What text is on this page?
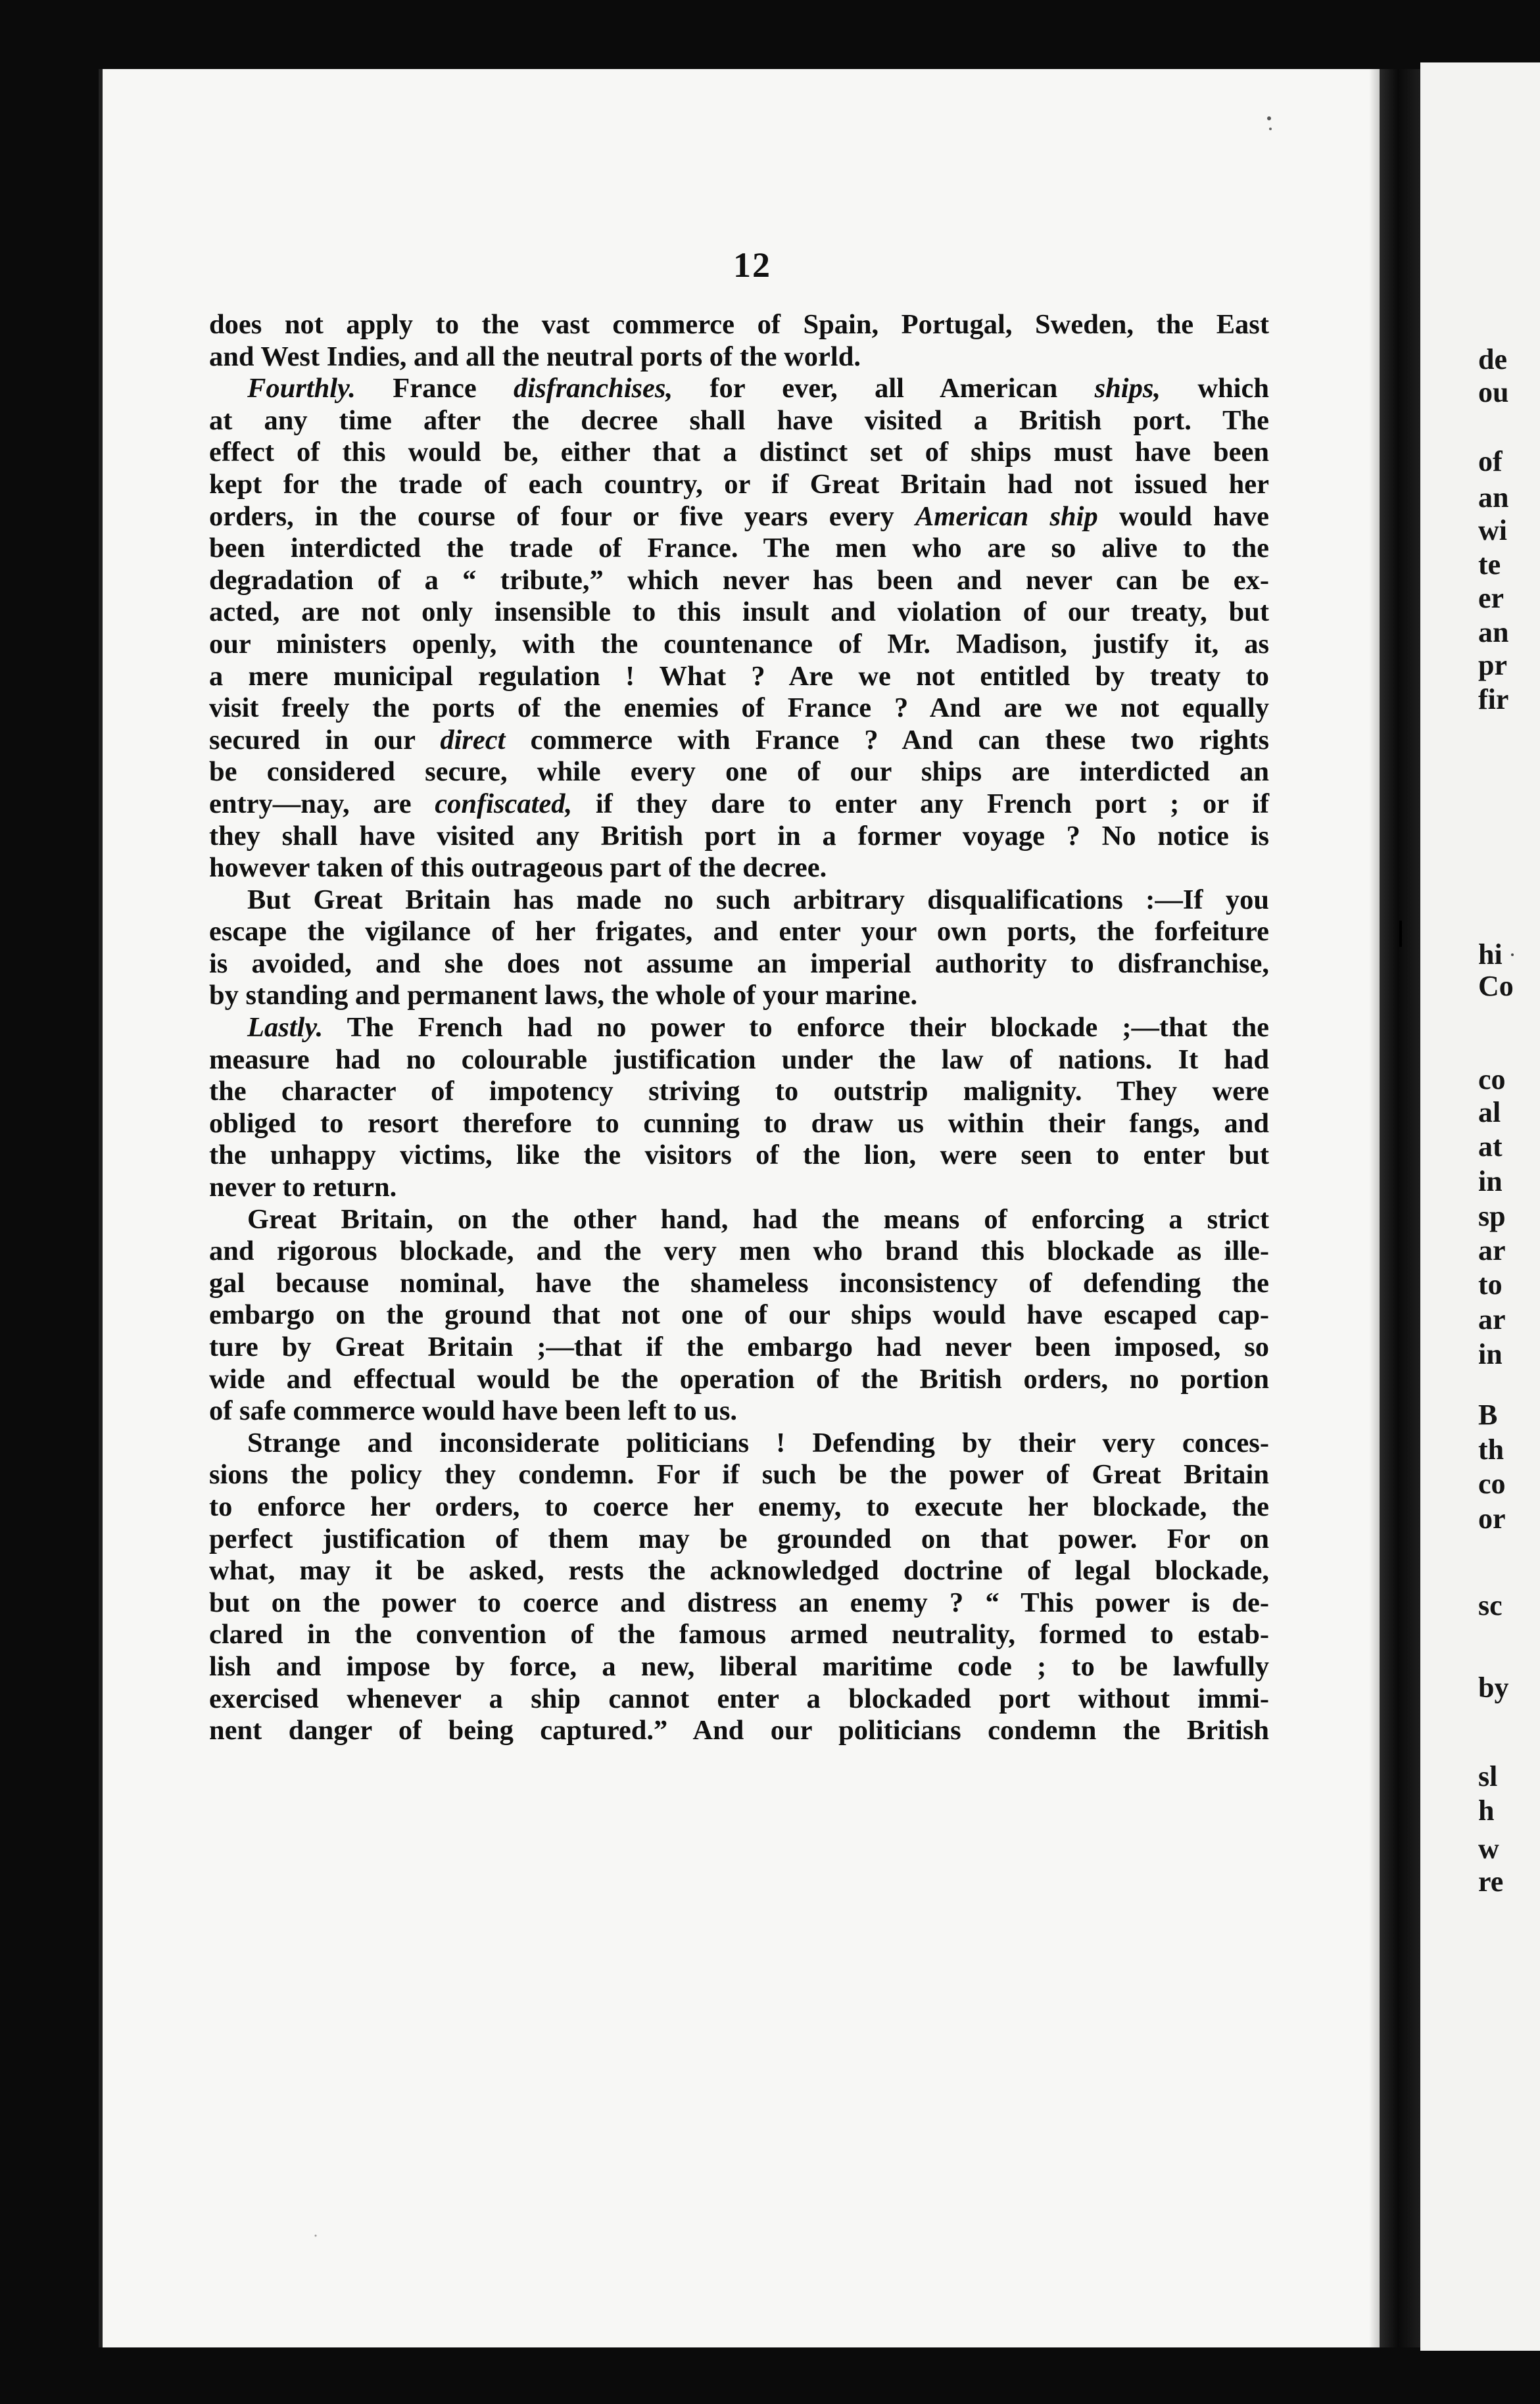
de
ou
of
an
wi
te
er
an
pr
fir
hi
Co
co
al
at
in
sp
ar
to
ar
in
B
th
co
or
sc
by
sl
h
w
re
12
does not apply to the vast commerce of Spain, Portugal, Sweden, the East
and West Indies, and all the neutral ports of the world.
Fourthly. France disfranchises, for ever, all American ships, which
at any time after the decree shall have visited a British port. The
effect of this would be, either that a distinct set of ships must have been
kept for the trade of each country, or if Great Britain had not issued her
orders, in the course of four or five years every American ship would have
been interdicted the trade of France. The men who are so alive to the
degradation of a “ tribute,” which never has been and never can be ex-
acted, are not only insensible to this insult and violation of our treaty, but
our ministers openly, with the countenance of Mr. Madison, justify it, as
a mere municipal regulation ! What ? Are we not entitled by treaty to
visit freely the ports of the enemies of France ? And are we not equally
secured in our direct commerce with France ? And can these two rights
be considered secure, while every one of our ships are interdicted an
entry—nay, are confiscated, if they dare to enter any French port ; or if
they shall have visited any British port in a former voyage ? No notice is
however taken of this outrageous part of the decree.
But Great Britain has made no such arbitrary disqualifications :—If you
escape the vigilance of her frigates, and enter your own ports, the forfeiture
is avoided, and she does not assume an imperial authority to disfranchise,
by standing and permanent laws, the whole of your marine.
Lastly. The French had no power to enforce their blockade ;—that the
measure had no colourable justification under the law of nations. It had
the character of impotency striving to outstrip malignity. They were
obliged to resort therefore to cunning to draw us within their fangs, and
the unhappy victims, like the visitors of the lion, were seen to enter but
never to return.
Great Britain, on the other hand, had the means of enforcing a strict
and rigorous blockade, and the very men who brand this blockade as ille-
gal because nominal, have the shameless inconsistency of defending the
embargo on the ground that not one of our ships would have escaped cap-
ture by Great Britain ;—that if the embargo had never been imposed, so
wide and effectual would be the operation of the British orders, no portion
of safe commerce would have been left to us.
Strange and inconsiderate politicians ! Defending by their very conces-
sions the policy they condemn. For if such be the power of Great Britain
to enforce her orders, to coerce her enemy, to execute her blockade, the
perfect justification of them may be grounded on that power. For on
what, may it be asked, rests the acknowledged doctrine of legal blockade,
but on the power to coerce and distress an enemy ? “ This power is de-
clared in the convention of the famous armed neutrality, formed to estab-
lish and impose by force, a new, liberal maritime code ; to be lawfully
exercised whenever a ship cannot enter a blockaded port without immi-
nent danger of being captured.” And our politicians condemn the British
